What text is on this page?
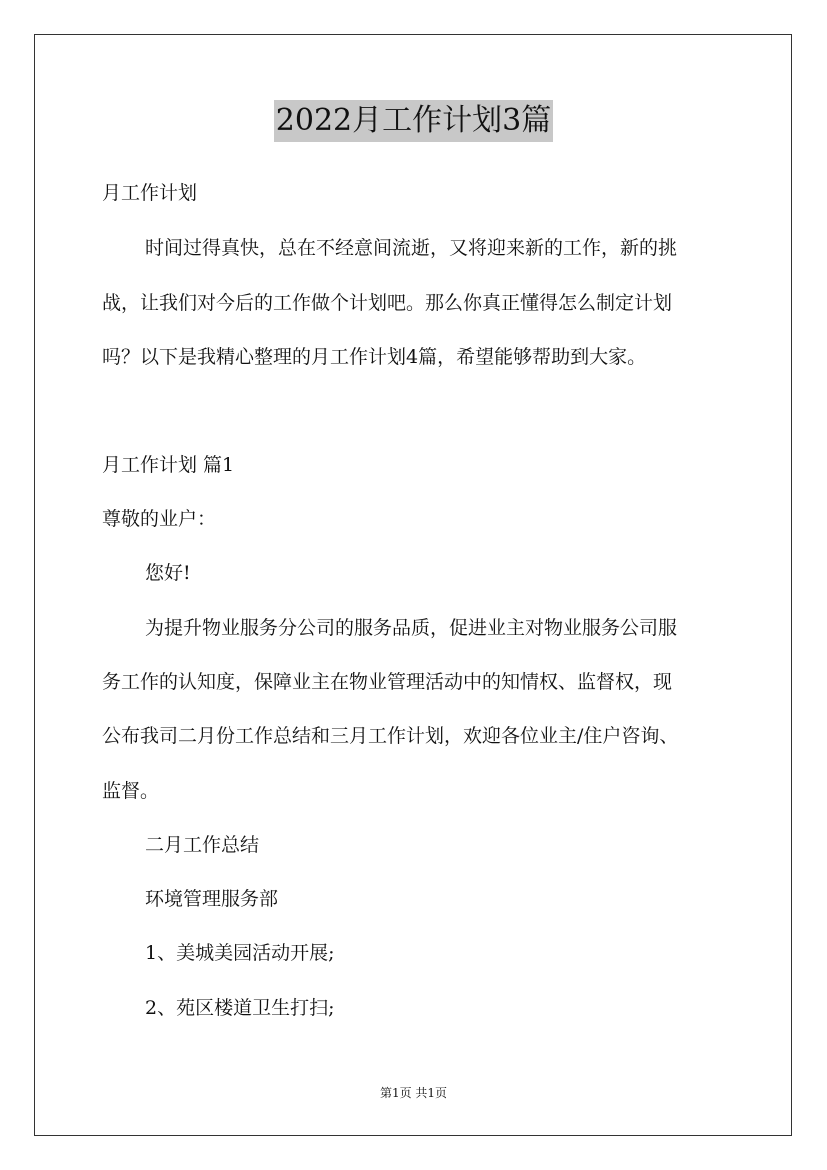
2022月工作计划3篇
月工作计划
时间过得真快，总在不经意间流逝，又将迎来新的工作，新的挑
战，让我们对今后的工作做个计划吧。那么你真正懂得怎么制定计划
吗？以下是我精心整理的月工作计划4篇，希望能够帮助到大家。
月工作计划 篇1
尊敬的业户：
您好!
为提升物业服务分公司的服务品质，促进业主对物业服务公司服
务工作的认知度，保障业主在物业管理活动中的知情权、监督权，现
公布我司二月份工作总结和三月工作计划，欢迎各位业主/住户咨询、
监督。
二月工作总结
环境管理服务部
1、美城美园活动开展;
2、苑区楼道卫生打扫;
第1页 共1页
